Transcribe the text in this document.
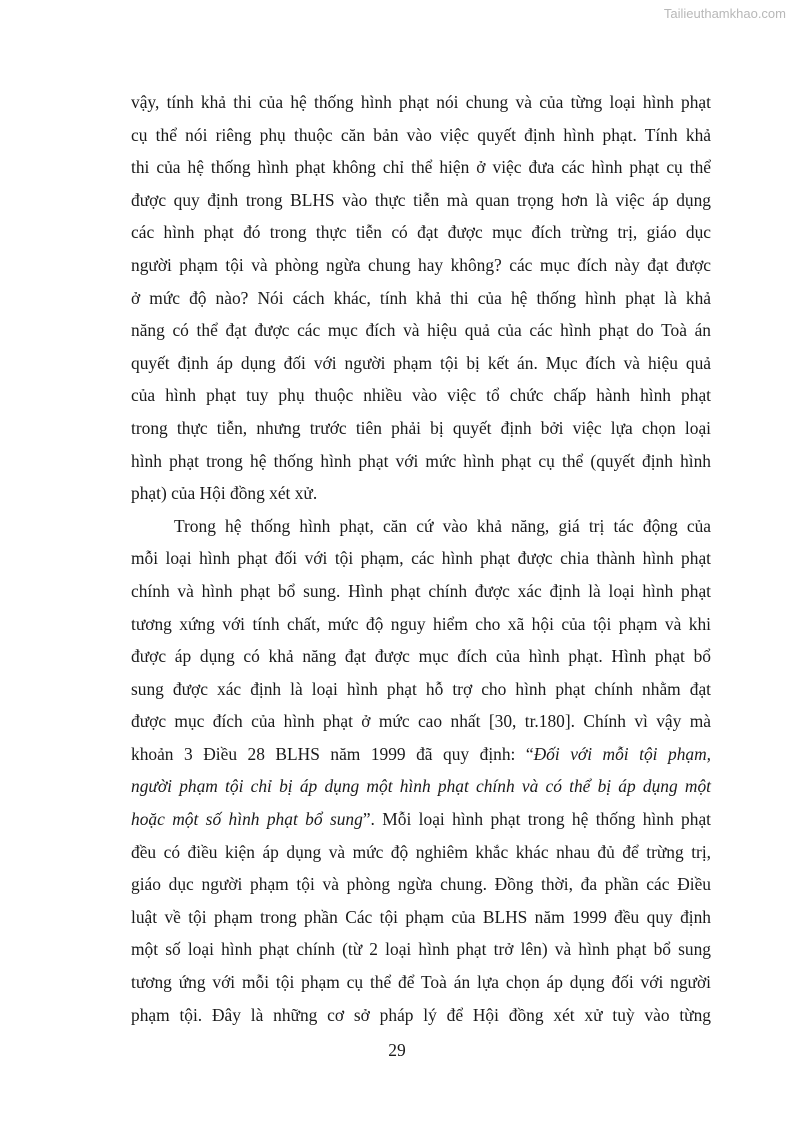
Tailieuthamkhao.com
vậy, tính khả thi của hệ thống hình phạt nói chung và của từng loại hình phạt
cụ thể nói riêng phụ thuộc căn bản vào việc quyết định hình phạt. Tính khả
thi của hệ thống hình phạt không chỉ thể hiện ở việc đưa các hình phạt cụ thể
được quy định trong BLHS vào thực tiễn mà quan trọng hơn là việc áp dụng
các hình phạt đó trong thực tiễn có đạt được mục đích trừng trị, giáo dục
người phạm tội và phòng ngừa chung hay không? các mục đích này đạt được
ở mức độ nào? Nói cách khác, tính khả thi của hệ thống hình phạt là khả
năng có thể đạt được các mục đích và hiệu quả của các hình phạt do Toà án
quyết định áp dụng đối với người phạm tội bị kết án. Mục đích và hiệu quả
của hình phạt tuy phụ thuộc nhiều vào việc tổ chức chấp hành hình phạt
trong thực tiễn, nhưng trước tiên phải bị quyết định bởi việc lựa chọn loại
hình phạt trong hệ thống hình phạt với mức hình phạt cụ thể (quyết định hình
phạt) của Hội đồng xét xử.
Trong hệ thống hình phạt, căn cứ vào khả năng, giá trị tác động của
mỗi loại hình phạt đối với tội phạm, các hình phạt được chia thành hình phạt
chính và hình phạt bổ sung. Hình phạt chính được xác định là loại hình phạt
tương xứng với tính chất, mức độ nguy hiểm cho xã hội của tội phạm và khi
được áp dụng có khả năng đạt được mục đích của hình phạt. Hình phạt bổ
sung được xác định là loại hình phạt hỗ trợ cho hình phạt chính nhằm đạt
được mục đích của hình phạt ở mức cao nhất [30, tr.180]. Chính vì vậy mà
khoản 3 Điều 28 BLHS năm 1999 đã quy định: “Đối với mỗi tội phạm,
người phạm tội chỉ bị áp dụng một hình phạt chính và có thể bị áp dụng một
hoặc một số hình phạt bổ sung”. Mỗi loại hình phạt trong hệ thống hình phạt
đều có điều kiện áp dụng và mức độ nghiêm khắc khác nhau đủ để trừng trị,
giáo dục người phạm tội và phòng ngừa chung. Đồng thời, đa phần các Điều
luật về tội phạm trong phần Các tội phạm của BLHS năm 1999 đều quy định
một số loại hình phạt chính (từ 2 loại hình phạt trở lên) và hình phạt bổ sung
tương ứng với mỗi tội phạm cụ thể để Toà án lựa chọn áp dụng đối với người
phạm tội. Đây là những cơ sở pháp lý để Hội đồng xét xử tuỳ vào từng
29
